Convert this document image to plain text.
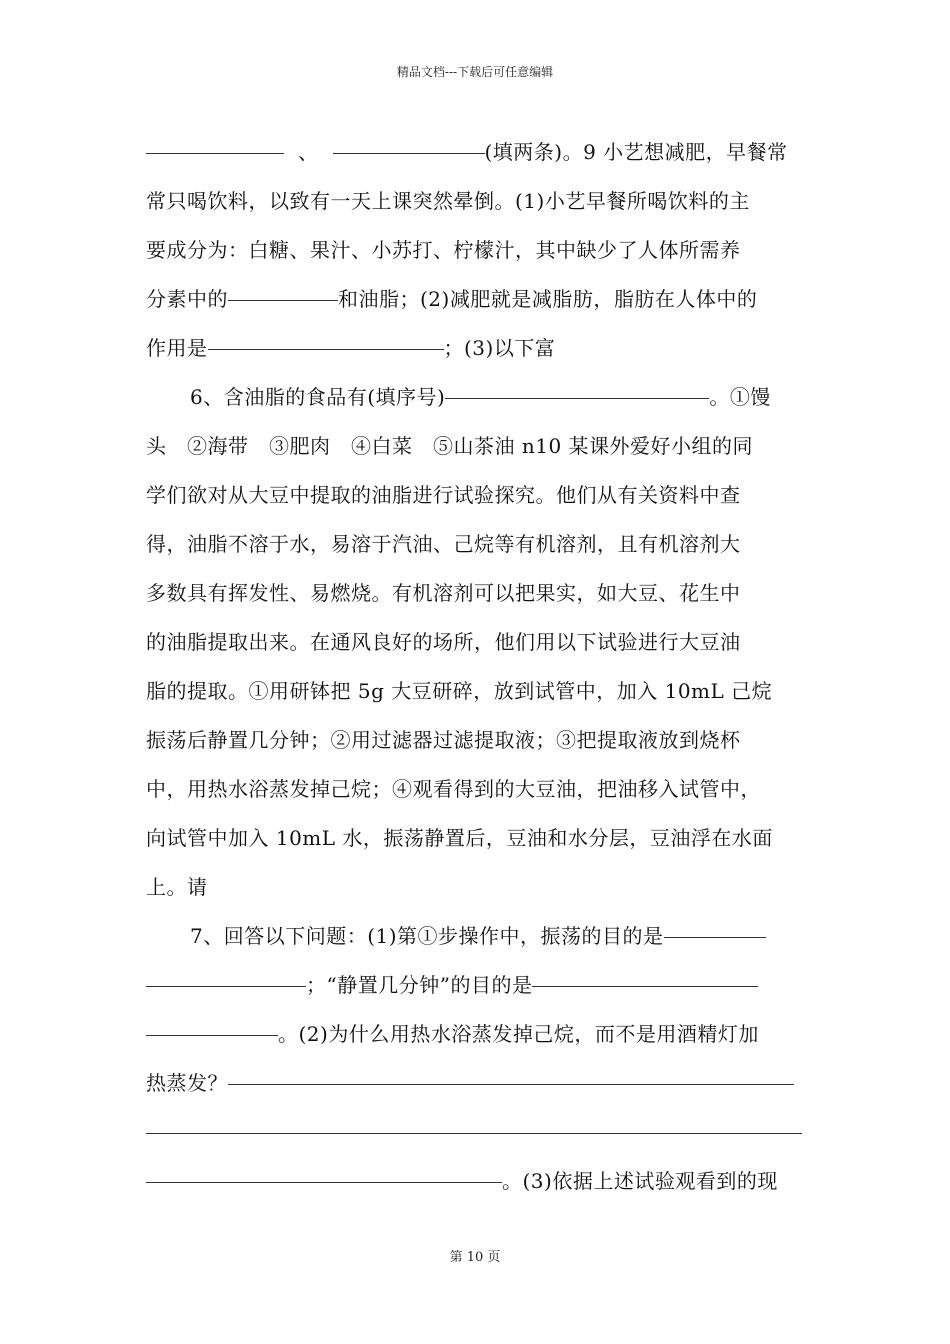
精品文档---下载后可任意编辑
、	(填两条)。9 小艺想减肥，早餐常
常只喝饮料，以致有一天上课突然晕倒。(1)小艺早餐所喝饮料的主
要成分为：白糖、果汁、小苏打、柠檬汁，其中缺少了人体所需养
分素中的	和油脂；(2)减肥就是减脂肪，脂肪在人体中的
作用是	；(3)以下富
6、含油脂的食品有(填序号)	。①馒
头　②海带　③肥肉　④白菜　⑤山茶油 n10 某课外爱好小组的同
学们欲对从大豆中提取的油脂进行试验探究。他们从有关资料中查
得，油脂不溶于水，易溶于汽油、己烷等有机溶剂，且有机溶剂大
多数具有挥发性、易燃烧。有机溶剂可以把果实，如大豆、花生中
的油脂提取出来。在通风良好的场所，他们用以下试验进行大豆油
脂的提取。①用研钵把 5g 大豆研碎，放到试管中，加入 10mL 己烷
振荡后静置几分钟；②用过滤器过滤提取液；③把提取液放到烧杯
中，用热水浴蒸发掉己烷；④观看得到的大豆油，把油移入试管中，
向试管中加入 10mL 水，振荡静置后，豆油和水分层，豆油浮在水面
上。请
7、回答以下问题：(1)第①步操作中，振荡的目的是
；“静置几分钟”的目的是
。(2)为什么用热水浴蒸发掉己烷，而不是用酒精灯加
热蒸发？
。(3)依据上述试验观看到的现
第 10 页
